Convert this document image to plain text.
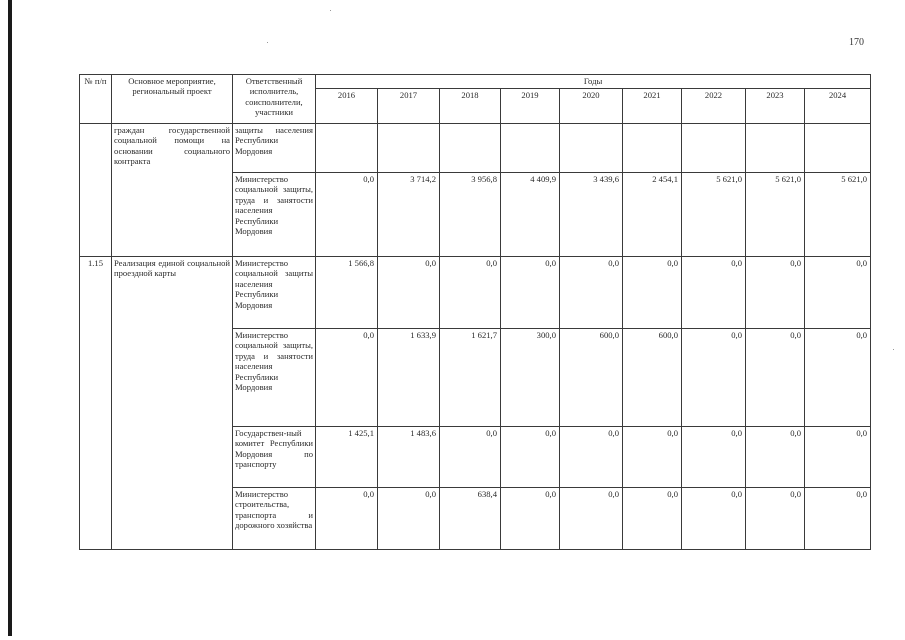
170
№ п/п	Основное мероприятие, региональный проект	Ответственный исполнитель, соисполнители, участники	Годы								
			2016	2017	2018	2019	2020	2021	2022	2023	2024
	граждан государственной социальной помощи на основании социального контракта	защиты населения Республики Мордовия									
		Министерство социальной защиты, труда и занятости населения Республики Мордовия	0,0	3 714,2	3 956,8	4 409,9	3 439,6	2 454,1	5 621,0	5 621,0	5 621,0
1.15	Реализация единой социальной проездной карты	Министерство социальной защиты населения Республики Мордовия	1 566,8	0,0	0,0	0,0	0,0	0,0	0,0	0,0	0,0
		Министерство социальной защиты, труда и занятости населения Республики Мордовия	0,0	1 633,9	1 621,7	300,0	600,0	600,0	0,0	0,0	0,0
		Государствен-ный комитет Республики Мордовия по транспорту	1 425,1	1 483,6	0,0	0,0	0,0	0,0	0,0	0,0	0,0
		Министерство строительства, транспорта и дорожного хозяйства	0,0	0,0	638,4	0,0	0,0	0,0	0,0	0,0	0,0
